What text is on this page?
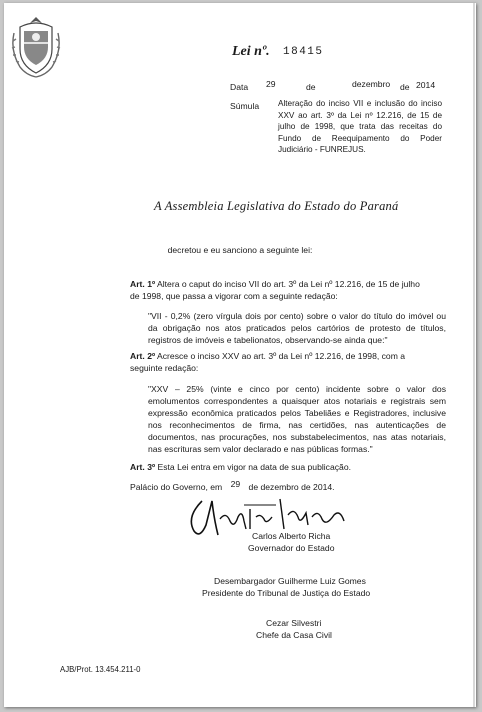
Lei nº. 18415
Data 29	de	dezembro de 2014
Súmula Alteração do inciso VII e inclusão do inciso XXV ao art. 3º da Lei nº 12.216, de 15 de julho de 1998, que trata das receitas do Fundo de Reequipamento do Poder Judiciário - FUNREJUS.
A Assembleia Legislativa do Estado do Paraná
decretou e eu sanciono a seguinte lei:
Art. 1º Altera o caput do inciso VII do art. 3º da Lei nº 12.216, de 15 de julho
de 1998, que passa a vigorar com a seguinte redação:
"VII - 0,2% (zero vírgula dois por cento) sobre o valor do título do imóvel ou da obrigação nos atos praticados pelos cartórios de protesto de títulos, registros de imóveis e tabelionatos, observando-se ainda que:"
Art. 2º Acresce o inciso XXV ao art. 3º da Lei nº 12.216, de 1998, com a
seguinte redação:
"XXV – 25% (vinte e cinco por cento) incidente sobre o valor dos emolumentos correspondentes a quaisquer atos notariais e registrais sem expressão econômica praticados pelos Tabeliães e Registradores, inclusive nos reconhecimentos de firma, nas certidões, nas autenticações de documentos, nas procurações, nos substabelecimentos, nas atas notariais, nas escrituras sem valor declarado e nas públicas formas."
Art. 3º Esta Lei entra em vigor na data de sua publicação.
Palácio do Governo, em 29 de dezembro de 2014.
Carlos Alberto Richa
Governador do Estado
Desembargador Guilherme Luiz Gomes
Presidente do Tribunal de Justiça do Estado
Cezar Silvestri
Chefe da Casa Civil
AJB/Prot. 13.454.211-0
